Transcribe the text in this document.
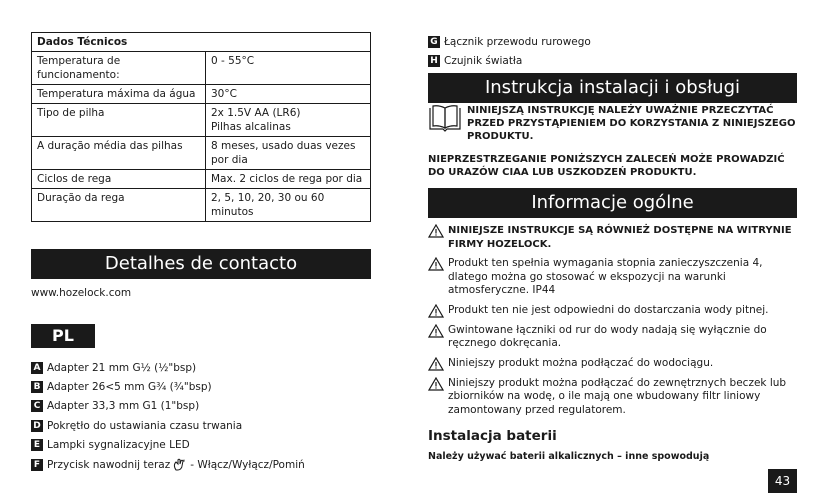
Dados Técnicos	
Temperatura de funcionamento:	0 - 55°C
Temperatura máxima da água	30°C
Tipo de pilha	2x 1.5V AA (LR6)
Pilhas alcalinas
A duração média das pilhas	8 meses, usado duas vezes por dia
Ciclos de rega	Max. 2 ciclos de rega por dia
Duração da rega	2, 5, 10, 20, 30 ou 60 minutos
Detalhes de contacto
www.hozelock.com
PL
A Adapter 21 mm G½ (½"bsp)
B Adapter 26<5 mm G¾ (¾"bsp)
C Adapter 33,3 mm G1 (1"bsp)
D Pokrętło do ustawiania czasu trwania
E Lampki sygnalizacyjne LED
F Przycisk nawodnij teraz - Włącz/Wyłącz/Pomiń
G Łącznik przewodu rurowego
H Czujnik światła
Instrukcja instalacji i obsługi
NINIEJSZĄ INSTRUKCJĘ NALEŻY UWAŻNIE PRZECZYTAĆ PRZED PRZYSTĄPIENIEM DO KORZYSTANIA Z NINIEJSZEGO PRODUKTU.
NIEPRZESTRZEGANIE PONIŻSZYCH ZALECEŃ MOŻE PROWADZIĆ DO URAZÓW CIAA LUB USZKODZEŃ PRODUKTU.
Informacje ogólne
NINIEJSZE INSTRUKCJE SĄ RÓWNIEŻ DOSTĘPNE NA WITRYNIE FIRMY HOZELOCK.
Produkt ten spełnia wymagania stopnia zanieczyszczenia 4, dlatego można go stosować w ekspozycji na warunki atmosferyczne. IP44
Produkt ten nie jest odpowiedni do dostarczania wody pitnej.
Gwintowane łączniki od rur do wody nadają się wyłącznie do ręcznego dokręcania.
Niniejszy produkt można podłączać do wodociągu.
Niniejszy produkt można podłączać do zewnętrznych beczek lub zbiorników na wodę, o ile mają one wbudowany filtr liniowy zamontowany przed regulatorem.
Instalacja baterii
Należy używać baterii alkalicznych – inne spowodują
43
